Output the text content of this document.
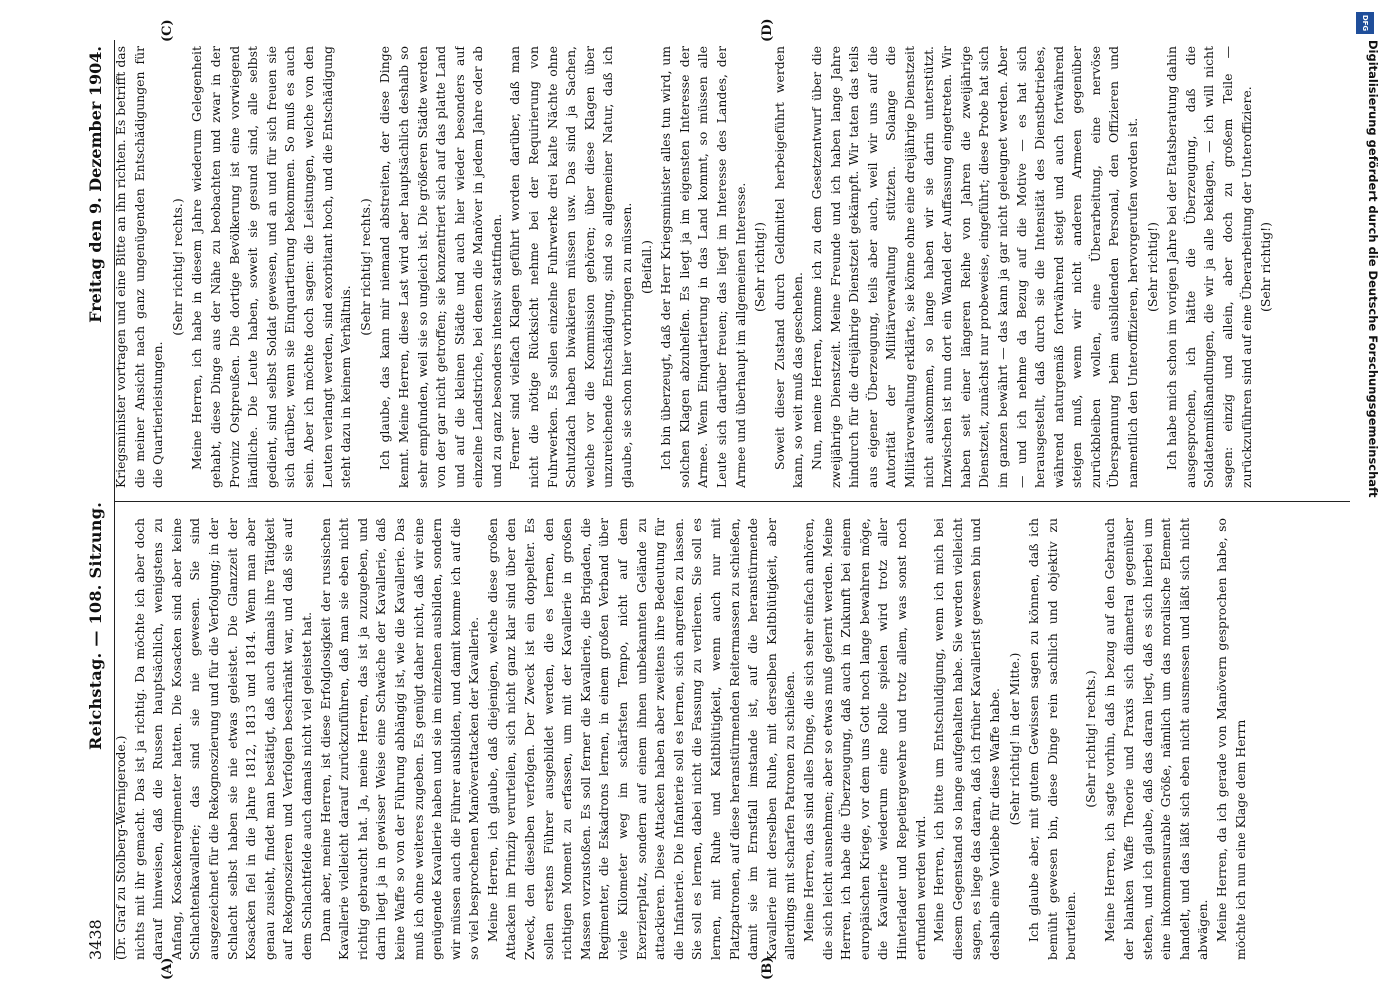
3438
Reichstag. — 108. Sitzung.
Freitag den 9. Dezember 1904.
(A)	(B)
(C)	(D)

(Dr. Graf zu Stolberg-Wernigerode.) nichts mit ihr gemacht. Das ist ja richtig. Da möchte ich aber doch darauf hinweisen, daß die Russen hauptsächlich, wenigstens zu Anfang, Kosackenregimenter hatten. Die Kosacken sind aber keine Schlachtenkavallerie; das sind sie nie gewesen. Sie sind ausgezeichnet für die Rekognoszierung und für die Verfolgung; in der Schlacht selbst haben sie nie etwas geleistet. Die Glanzzeit der Kosacken fiel in die Jahre 1812, 1813 und 1814. Wenn man aber genau zusieht, findet man bestätigt, daß auch damals ihre Tätigkeit auf Rekognoszieren und Verfolgen beschränkt war, und daß sie auf dem Schlachtfelde auch damals nicht viel geleistet hat. Dann aber, meine Herren, ist diese Erfolglosigkeit der russischen Kavallerie vielleicht darauf zurückzuführen, daß man sie eben nicht richtig gebraucht hat. Ja, meine Herren, das ist ja zuzugeben, und darin liegt ja in gewisser Weise eine Schwäche der Kavallerie, daß keine Waffe so von der Führung abhängig ist, wie die Kavallerie. Das muß ich ohne weiteres zugeben. Es genügt daher nicht, daß wir eine genügende Kavallerie haben und sie im einzelnen ausbilden, sondern wir müssen auch die Führer ausbilden, und damit komme ich auf die so viel besprochenen Manöverattacken der Kavallerie. Meine Herren, ich glaube, daß diejenigen, welche diese großen Attacken im Prinzip verurteilen, sich nicht ganz klar sind über den Zweck, den dieselben verfolgen. Der Zweck ist ein doppelter. Es sollen erstens Führer ausgebildet werden, die es lernen, den richtigen Moment zu erfassen, um mit der Kavallerie in großen Massen vorzustoßen. Es soll ferner die Kavallerie, die Brigaden, die Regimenter, die Eskadrons lernen, in einem großen Verband über viele Kilometer weg im schärfsten Tempo, nicht auf dem Exerzierplatz, sondern auf einem ihnen unbekannten Gelände zu attackieren. Diese Attacken haben aber zweitens ihre Bedeutung für die Infanterie. Die Infanterie soll es lernen, sich angreifen zu lassen. Sie soll es lernen, dabei nicht die Fassung zu verlieren. Sie soll es lernen, mit Ruhe und Kaltblütigkeit, wenn auch nur mit Platzpatronen, auf diese heranstürmenden Reitermassen zu schießen, damit sie im Ernstfall imstande ist, auf die heranstürmende Kavallerie mit derselben Ruhe, mit derselben Kaltblütigkeit, aber allerdings mit scharfen Patronen zu schießen. Meine Herren, das sind alles Dinge, die sich sehr einfach anhören, die sich leicht ausnehmen; aber so etwas muß gelernt werden. Meine Herren, ich habe die Überzeugung, daß auch in Zukunft bei einem europäischen Kriege, vor dem uns Gott noch lange bewahren möge, die Kavallerie wiederum eine Rolle spielen wird trotz aller Hinterlader und Repetiergewehre und trotz allem, was sonst noch erfunden werden wird. Meine Herren, ich bitte um Entschuldigung, wenn ich mich bei diesem Gegenstand so lange aufgehalten habe. Sie werden vielleicht sagen, es liege das daran, daß ich früher Kavallerist gewesen bin und deshalb eine Vorliebe für diese Waffe habe. (Sehr richtig! in der Mitte.) Ich glaube aber, mit gutem Gewissen sagen zu können, daß ich bemüht gewesen bin, diese Dinge rein sachlich und objektiv zu beurteilen.

(Sehr richtig! rechts.) Meine Herren, ich sagte vorhin, daß in bezug auf den Gebrauch der blanken Waffe Theorie und Praxis sich diametral gegenüber stehen, und ich glaube, daß das daran liegt, daß es sich hierbei um eine inkommensurable Größe, nämlich um das moralische Element handelt, und das läßt sich eben nicht ausmessen und läßt sich nicht abwägen. Meine Herren, da ich gerade von Manövern gesprochen habe, so möchte ich nun eine Klage dem Herrn

Kriegsminister vortragen und eine Bitte an ihn richten. Es betrifft das die meiner Ansicht nach ganz ungenügenden Entschädigungen für die Quartierleistungen.

(Sehr richtig! rechts.) Meine Herren, ich habe in diesem Jahre wiederum Gelegenheit gehabt, diese Dinge aus der Nähe zu beobachten und zwar in der Provinz Ostpreußen. Die dortige Bevölkerung ist eine vorwiegend ländliche. Die Leute haben, soweit sie gesund sind, alle selbst gedient, sind selbst Soldat gewesen, und an und für sich freuen sie sich darüber, wenn sie Einquartierung bekommen. So muß es auch sein. Aber ich möchte doch sagen: die Leistungen, welche von den Leuten verlangt werden, sind exorbitant hoch, und die Entschädigung steht dazu in keinem Verhältnis.

(Sehr richtig! rechts.) Ich glaube, das kann mir niemand abstreiten, der diese Dinge kennt. Meine Herren, diese Last wird aber hauptsächlich deshalb so sehr empfunden, weil sie so ungleich ist. Die größeren Städte werden von der gar nicht getroffen; sie konzentriert sich auf das platte Land und auf die kleinen Städte und auch hier wieder besonders auf einzelne Landstriche, bei denen die Manöver in jedem Jahre oder ab und zu ganz besonders intensiv stattfinden. Ferner sind vielfach Klagen geführt worden darüber, daß man nicht die nötige Rücksicht nehme bei der Requirierung von Fuhrwerken. Es sollen einzelne Fuhrwerke drei kalte Nächte ohne Schutzdach haben biwakieren müssen usw. Das sind ja Sachen, welche vor die Kommission gehören; über diese Klagen über unzureichende Entschädigung, sind so allgemeiner Natur, daß ich glaube, sie schon hier vorbringen zu müssen. (Beifall.) Ich bin überzeugt, daß der Herr Kriegsminister alles tun wird, um solchen Klagen abzuhelfen. Es liegt ja im eigensten Interesse der Armee. Wenn Einquartierung in das Land kommt, so müssen alle Leute sich darüber freuen; das liegt im Interesse des Landes, der Armee und überhaupt im allgemeinen Interesse. (Sehr richtig!) Soweit dieser Zustand durch Geldmittel herbeigeführt werden kann, so weit muß das geschehen. Nun, meine Herren, komme ich zu dem Gesetzentwurf über die zweijährige Dienstzeit. Meine Freunde und ich haben lange Jahre hindurch für die dreijährige Dienstzeit gekämpft. Wir taten das teils aus eigener Überzeugung, teils aber auch, weil wir uns auf die Autorität der Militärverwaltung stützten. Solange die Militärverwaltung erklärte, sie könne ohne eine dreijährige Dienstzeit nicht auskommen, so lange haben wir sie darin unterstützt. Inzwischen ist nun dort ein Wandel der Auffassung eingetreten. Wir haben seit einer längeren Reihe von Jahren die zweijährige Dienstzeit, zunächst nur probeweise, eingeführt; diese Probe hat sich im ganzen bewährt — das kann ja gar nicht geleugnet werden. Aber — und ich nehme da Bezug auf die Motive — es hat sich herausgestellt, daß durch sie die Intensität des Dienstbetriebes, während naturgemäß fortwährend steigt und auch fortwährend steigen muß, wenn wir nicht anderen Armeen gegenüber zurückbleiben wollen, eine Überarbeitung, eine nervöse Überspannung beim ausbildenden Personal, den Offizieren und namentlich den Unteroffizieren, hervorgerufen worden ist. (Sehr richtig!) Ich habe mich schon im vorigen Jahre bei der Etatsberatung dahin ausgesprochen, ich hätte die Überzeugung, daß die Soldatenmißhandlungen, die wir ja alle beklagen, — ich will nicht sagen: einzig und allein, aber doch zu großem Teile — zurückzuführen sind auf eine Überarbeitung der Unteroffiziere. (Sehr richtig!)

DFG
Digitalisierung gefördert durch die Deutsche Forschungsgemeinschaft
